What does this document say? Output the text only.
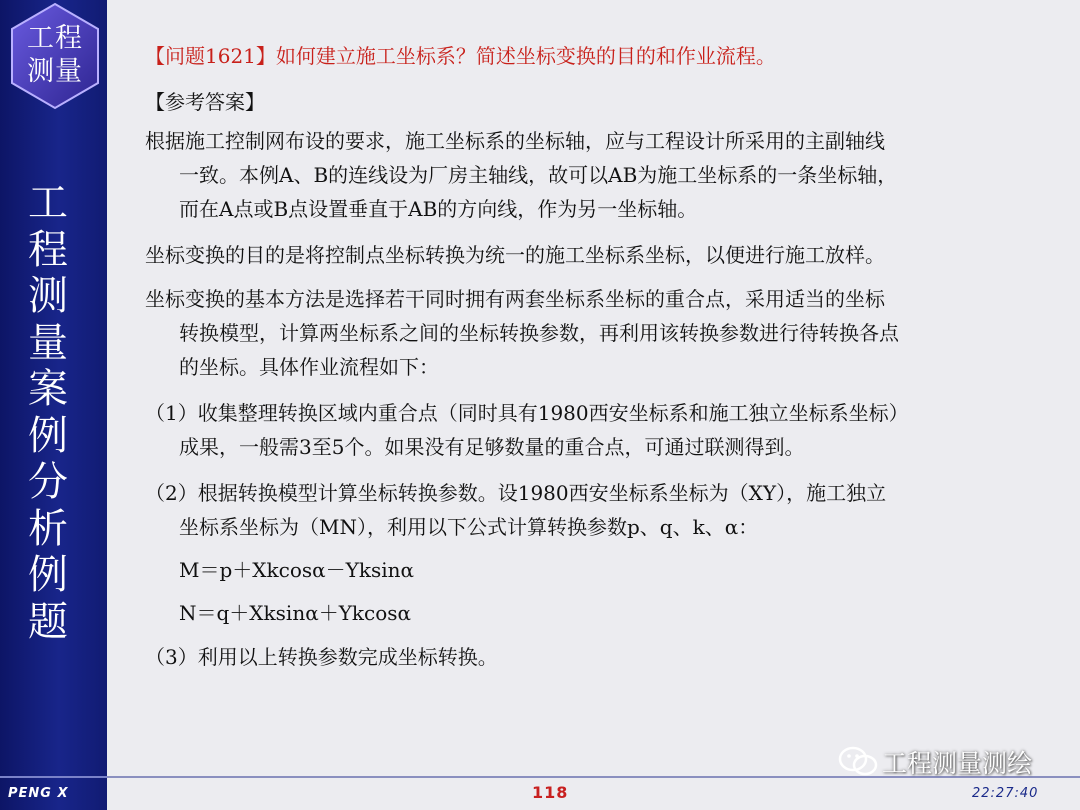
工程
测量
工程测量案例分析例题
PENG X
【问题1621】如何建立施工坐标系？简述坐标变换的目的和作业流程。
【参考答案】
根据施工控制网布设的要求，施工坐标系的坐标轴，应与工程设计所采用的主副轴线
一致。本例A、B的连线设为厂房主轴线，故可以AB为施工坐标系的一条坐标轴，
而在A点或B点设置垂直于AB的方向线，作为另一坐标轴。
坐标变换的目的是将控制点坐标转换为统一的施工坐标系坐标，以便进行施工放样。
坐标变换的基本方法是选择若干同时拥有两套坐标系坐标的重合点，采用适当的坐标
转换模型，计算两坐标系之间的坐标转换参数，再利用该转换参数进行待转换各点
的坐标。具体作业流程如下：
（1）收集整理转换区域内重合点（同时具有1980西安坐标系和施工独立坐标系坐标）
成果，一般需3至5个。如果没有足够数量的重合点，可通过联测得到。
（2）根据转换模型计算坐标转换参数。设1980西安坐标系坐标为（XY），施工独立
坐标系坐标为（MN），利用以下公式计算转换参数p、q、k、α：
M＝p＋Xkcosα－Yksinα
N＝q＋Xksinα＋Ykcosα
（3）利用以上转换参数完成坐标转换。
工程测量测绘
118	22:27:40
